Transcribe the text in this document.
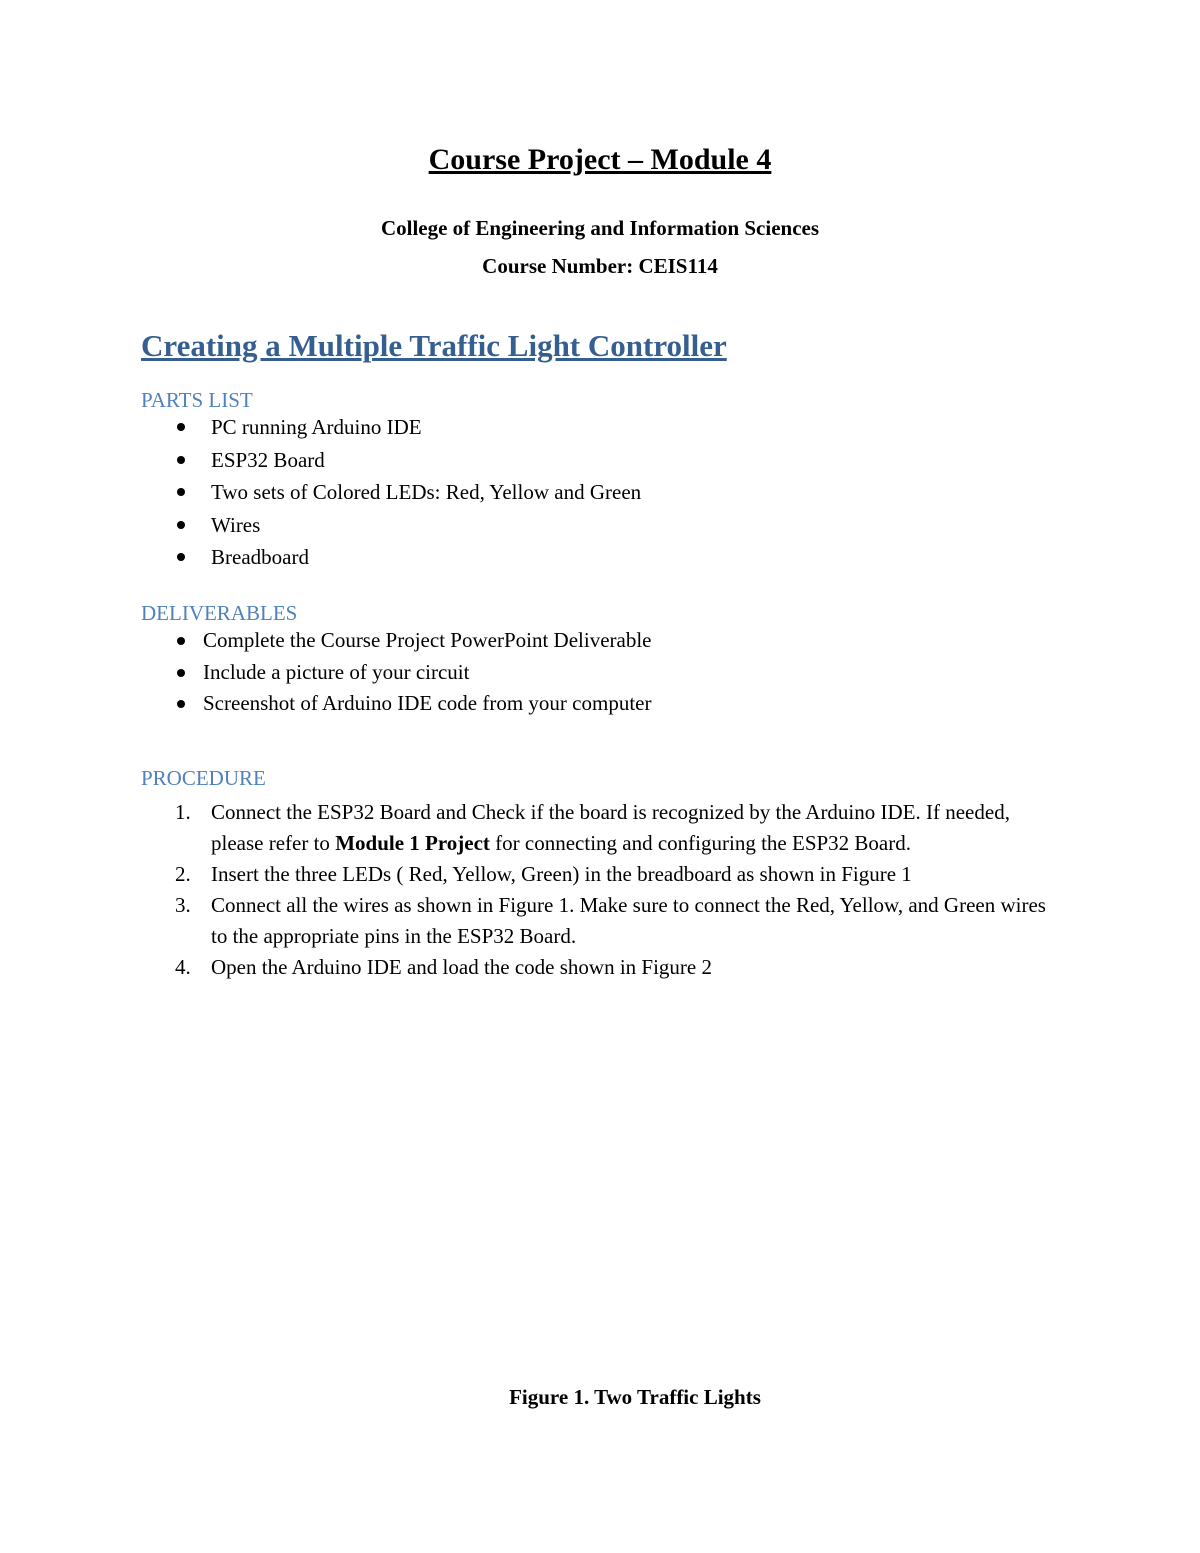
Course Project – Module 4
College of Engineering and Information Sciences
Course Number: CEIS114
Creating a Multiple Traffic Light Controller
PARTS LIST
PC running Arduino IDE
ESP32 Board
Two sets of Colored LEDs: Red, Yellow and Green
Wires
Breadboard
DELIVERABLES
Complete the Course Project PowerPoint Deliverable
Include a picture of your circuit
Screenshot of Arduino IDE code from your computer
PROCEDURE
1. Connect the ESP32 Board and Check if the board is recognized by the Arduino IDE. If needed, please refer to Module 1 Project for connecting and configuring the ESP32 Board.
2. Insert the three LEDs ( Red, Yellow, Green) in the breadboard as shown in Figure 1
3. Connect all the wires as shown in Figure 1. Make sure to connect the Red, Yellow, and Green wires to the appropriate pins in the ESP32 Board.
4. Open the Arduino IDE and load the code shown in Figure 2
Figure 1. Two Traffic Lights
